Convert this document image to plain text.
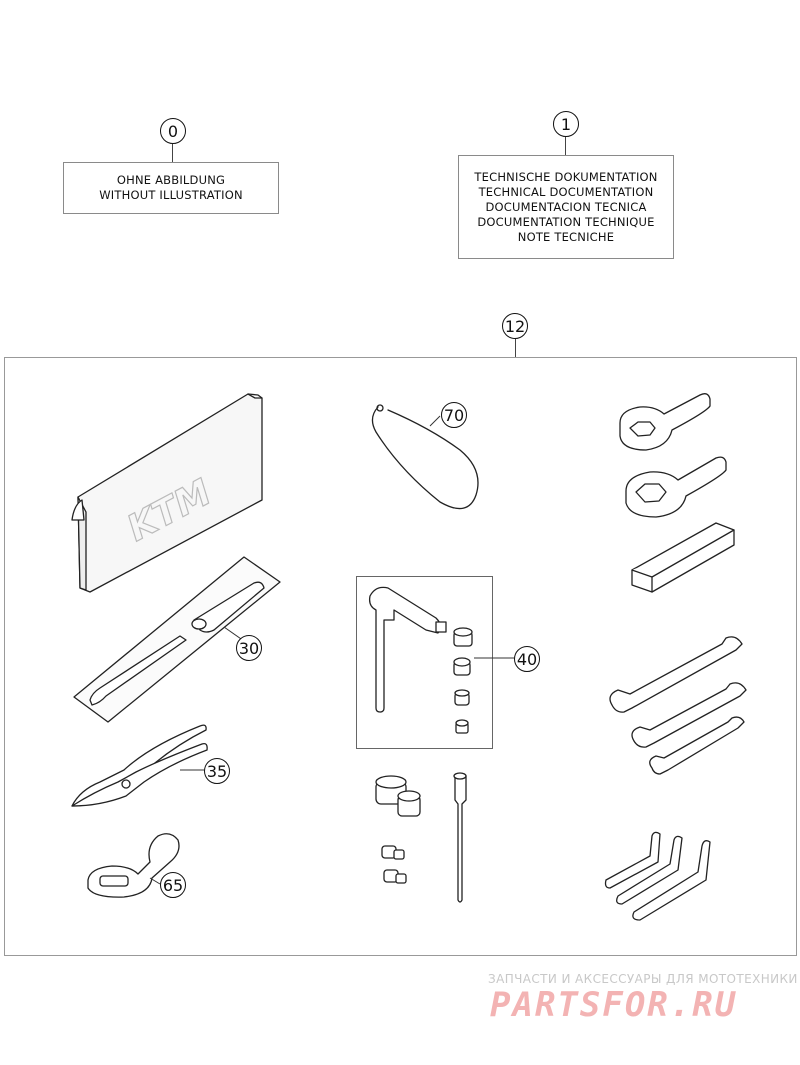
0
OHNE ABBILDUNG
WITHOUT ILLUSTRATION
1
TECHNISCHE DOKUMENTATION
TECHNICAL DOCUMENTATION
DOCUMENTACION TECNICA
DOCUMENTATION TECHNIQUE
NOTE TECNICHE
12
KTM
70
30
40
35
65
ЗАПЧАСТИ И АКСЕССУАРЫ ДЛЯ МОТОТЕХНИКИ
PARTSFOR.RU
